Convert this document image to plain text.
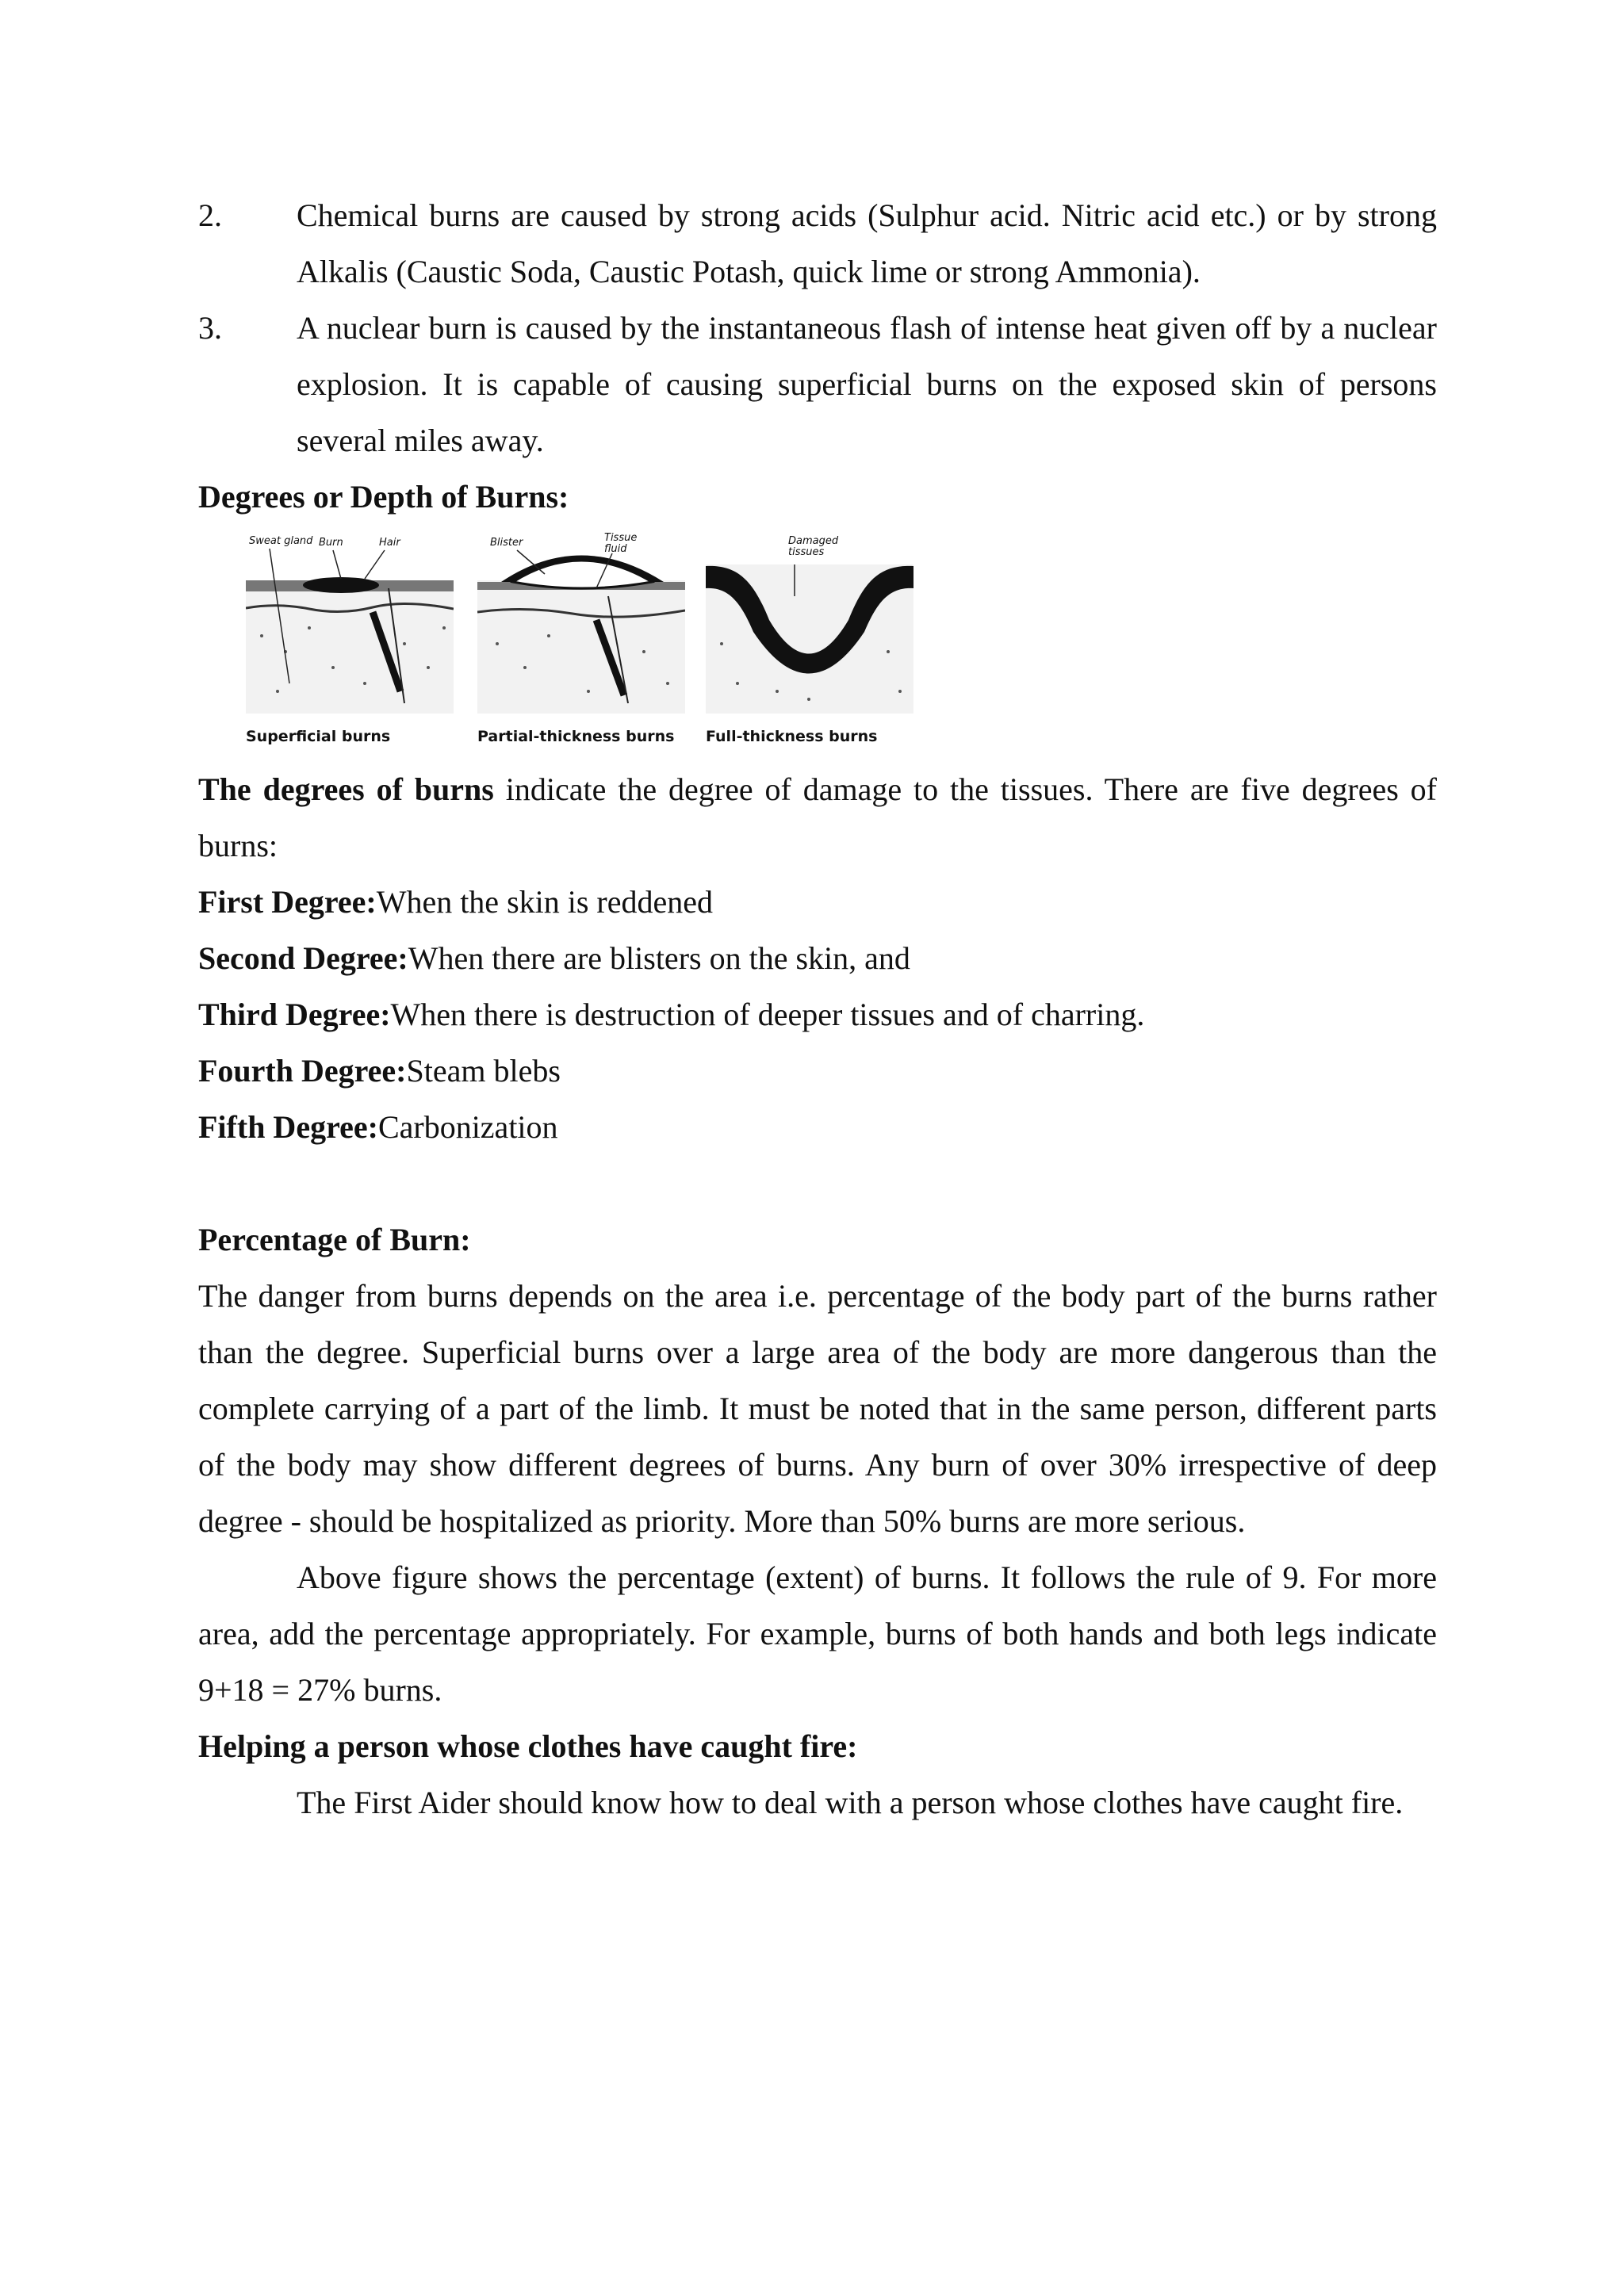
2. Chemical burns are caused by strong acids (Sulphur acid. Nitric acid etc.) or by strong Alkalis (Caustic Soda, Caustic Potash, quick lime or strong Ammonia).
3. A nuclear burn is caused by the instantaneous flash of intense heat given off by a nuclear explosion. It is capable of causing superficial burns on the exposed skin of persons several miles away.
Degrees or Depth of Burns:
Sweat gland Burn	Hair
Superficial burns
Blister	Tissue fluid
Partial-thickness burns
Damaged tissues
Full-thickness burns

The degrees of burns indicate the degree of damage to the tissues. There are five degrees of burns:

First Degree:When the skin is reddened
Second Degree:When there are blisters on the skin, and
Third Degree:When there is destruction of deeper tissues and of charring.
Fourth Degree:Steam blebs
Fifth Degree:Carbonization
Percentage of Burn:

The danger from burns depends on the area i.e. percentage of the body part of the burns rather than the degree. Superficial burns over a large area of the body are more dangerous than the complete carrying of a part of the limb. It must be noted that in the same person, different parts of the body may show different degrees of burns. Any burn of over 30% irrespective of deep degree - should be hospitalized as priority. More than 50% burns are more serious.

Above figure shows the percentage (extent) of burns. It follows the rule of 9. For more area, add the percentage appropriately. For example, burns of both hands and both legs indicate 9+18 = 27% burns.

Helping a person whose clothes have caught fire:

The First Aider should know how to deal with a person whose clothes have caught fire.
